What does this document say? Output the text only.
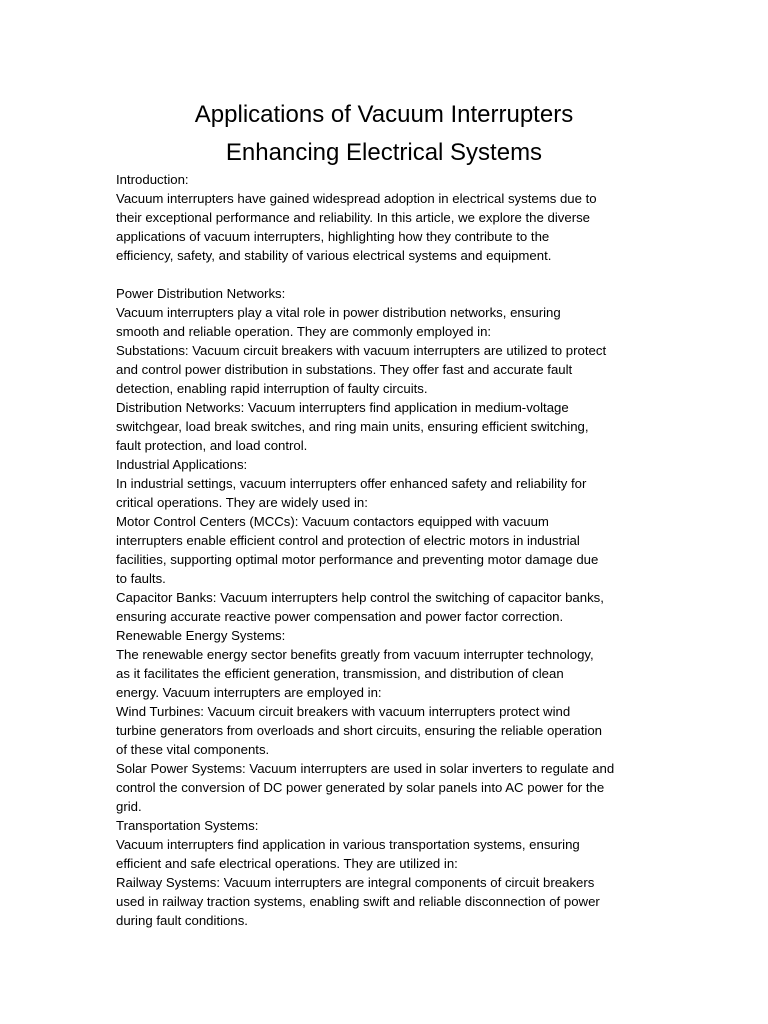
Applications of Vacuum Interrupters
Enhancing Electrical Systems
Introduction:
Vacuum interrupters have gained widespread adoption in electrical systems due to
their exceptional performance and reliability. In this article, we explore the diverse
applications of vacuum interrupters, highlighting how they contribute to the
efficiency, safety, and stability of various electrical systems and equipment.
Power Distribution Networks:
Vacuum interrupters play a vital role in power distribution networks, ensuring
smooth and reliable operation. They are commonly employed in:
Substations: Vacuum circuit breakers with vacuum interrupters are utilized to protect
and control power distribution in substations. They offer fast and accurate fault
detection, enabling rapid interruption of faulty circuits.
Distribution Networks: Vacuum interrupters find application in medium-voltage
switchgear, load break switches, and ring main units, ensuring efficient switching,
fault protection, and load control.
Industrial Applications:
In industrial settings, vacuum interrupters offer enhanced safety and reliability for
critical operations. They are widely used in:
Motor Control Centers (MCCs): Vacuum contactors equipped with vacuum
interrupters enable efficient control and protection of electric motors in industrial
facilities, supporting optimal motor performance and preventing motor damage due
to faults.
Capacitor Banks: Vacuum interrupters help control the switching of capacitor banks,
ensuring accurate reactive power compensation and power factor correction.
Renewable Energy Systems:
The renewable energy sector benefits greatly from vacuum interrupter technology,
as it facilitates the efficient generation, transmission, and distribution of clean
energy. Vacuum interrupters are employed in:
Wind Turbines: Vacuum circuit breakers with vacuum interrupters protect wind
turbine generators from overloads and short circuits, ensuring the reliable operation
of these vital components.
Solar Power Systems: Vacuum interrupters are used in solar inverters to regulate and
control the conversion of DC power generated by solar panels into AC power for the
grid.
Transportation Systems:
Vacuum interrupters find application in various transportation systems, ensuring
efficient and safe electrical operations. They are utilized in:
Railway Systems: Vacuum interrupters are integral components of circuit breakers
used in railway traction systems, enabling swift and reliable disconnection of power
during fault conditions.
